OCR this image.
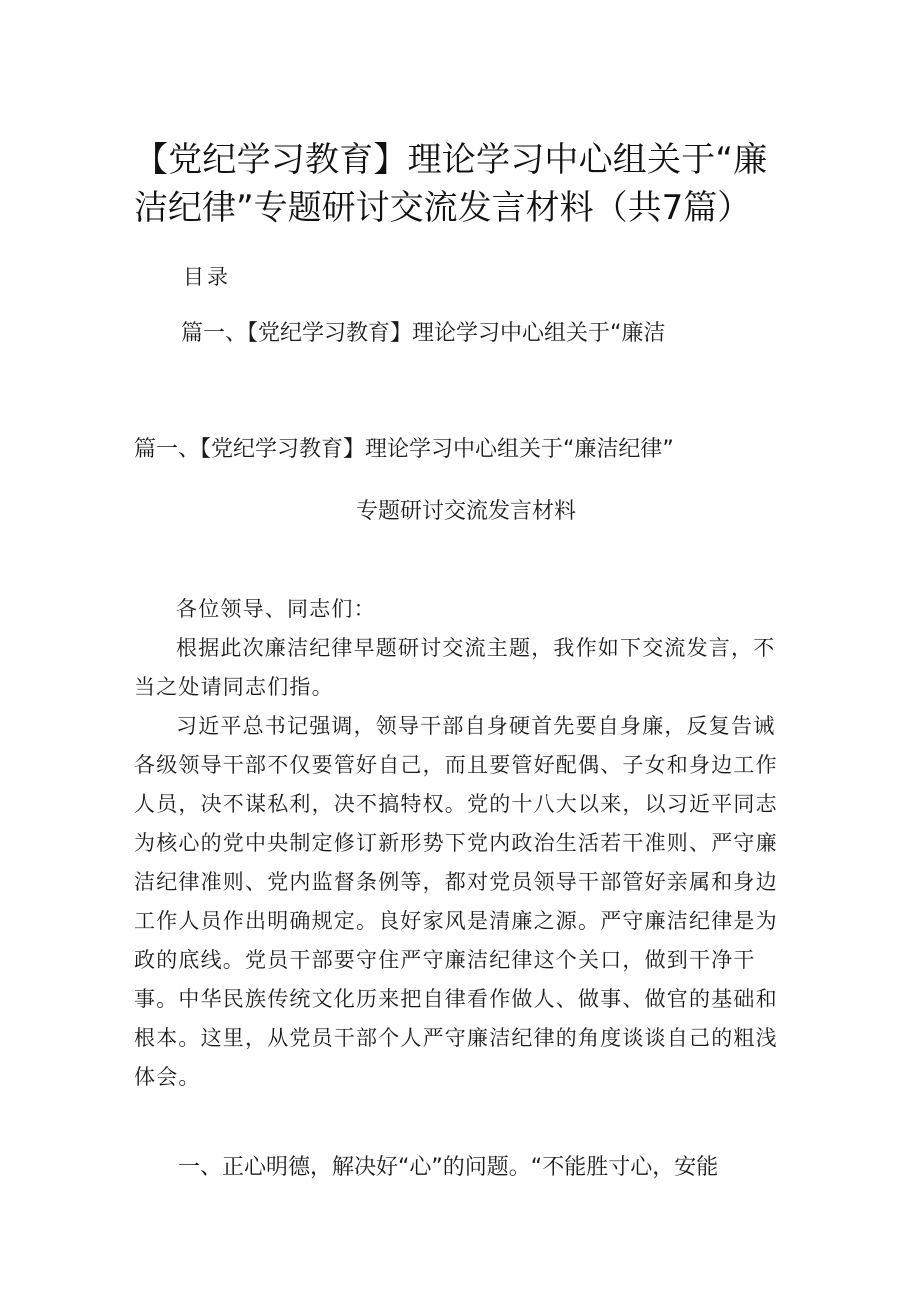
【党纪学习教育】理论学习中心组关于“廉
洁纪律”专题研讨交流发言材料（共7篇）

目录

篇一、【党纪学习教育】理论学习中心组关于“廉洁

篇一、【党纪学习教育】理论学习中心组关于“廉洁纪律”
专题研讨交流发言材料

各位领导、同志们：

根据此次廉洁纪律早题研讨交流主题，我作如下交流发言，不当之处请同志们指。

习近平总书记强调，领导干部自身硬首先要自身廉，反复告诫各级领导干部不仅要管好自己，而且要管好配偶、子女和身边工作人员，决不谋私利，决不搞特权。党的十八大以来，以习近平同志为核心的党中央制定修订新形势下党内政治生活若干准则、严守廉洁纪律准则、党内监督条例等，都对党员领导干部管好亲属和身边工作人员作出明确规定。良好家风是清廉之源。严守廉洁纪律是为政的底线。党员干部要守住严守廉洁纪律这个关口，做到干净干事。中华民族传统文化历来把自律看作做人、做事、做官的基础和根本。这里，从党员干部个人严守廉洁纪律的角度谈谈自己的粗浅体会。

一、正心明德，解决好“心”的问题。“不能胜寸心，安能
